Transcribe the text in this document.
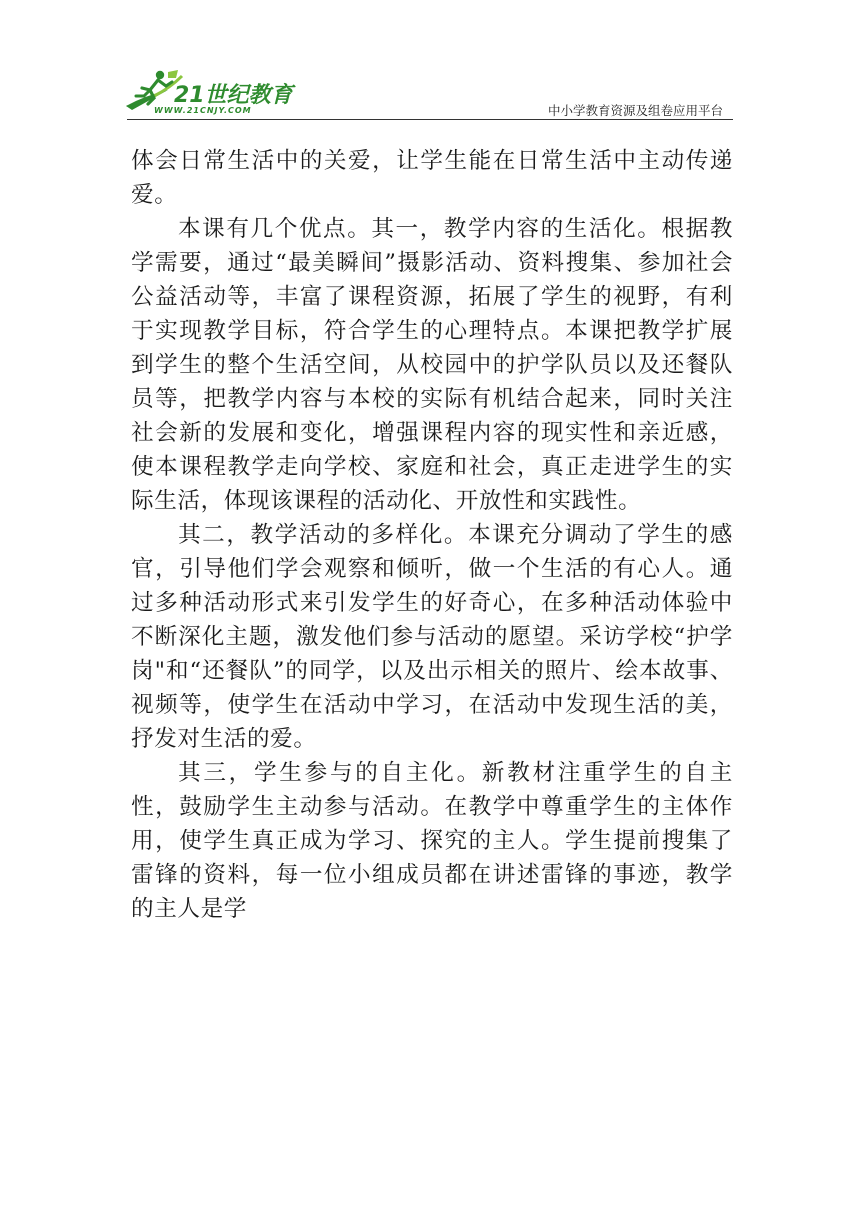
21世纪教育
WWW.21CNJY.COM	中小学教育资源及组卷应用平台

体会日常生活中的关爱，让学生能在日常生活中主动传递爱。

本课有几个优点。其一，教学内容的生活化。根据教学需要，通过“最美瞬间”摄影活动、资料搜集、参加社会公益活动等，丰富了课程资源，拓展了学生的视野，有利于实现教学目标，符合学生的心理特点。本课把教学扩展到学生的整个生活空间，从校园中的护学队员以及还餐队员等，把教学内容与本校的实际有机结合起来，同时关注社会新的发展和变化，增强课程内容的现实性和亲近感，使本课程教学走向学校、家庭和社会，真正走进学生的实际生活，体现该课程的活动化、开放性和实践性。

其二，教学活动的多样化。本课充分调动了学生的感官，引导他们学会观察和倾听，做一个生活的有心人。通过多种活动形式来引发学生的好奇心，在多种活动体验中不断深化主题，激发他们参与活动的愿望。采访学校“护学岗"和“还餐队”的同学，以及出示相关的照片、绘本故事、视频等，使学生在活动中学习，在活动中发现生活的美，抒发对生活的爱。

其三，学生参与的自主化。新教材注重学生的自主性，鼓励学生主动参与活动。在教学中尊重学生的主体作用，使学生真正成为学习、探究的主人。学生提前搜集了雷锋的资料，每一位小组成员都在讲述雷锋的事迹，教学的主人是学
